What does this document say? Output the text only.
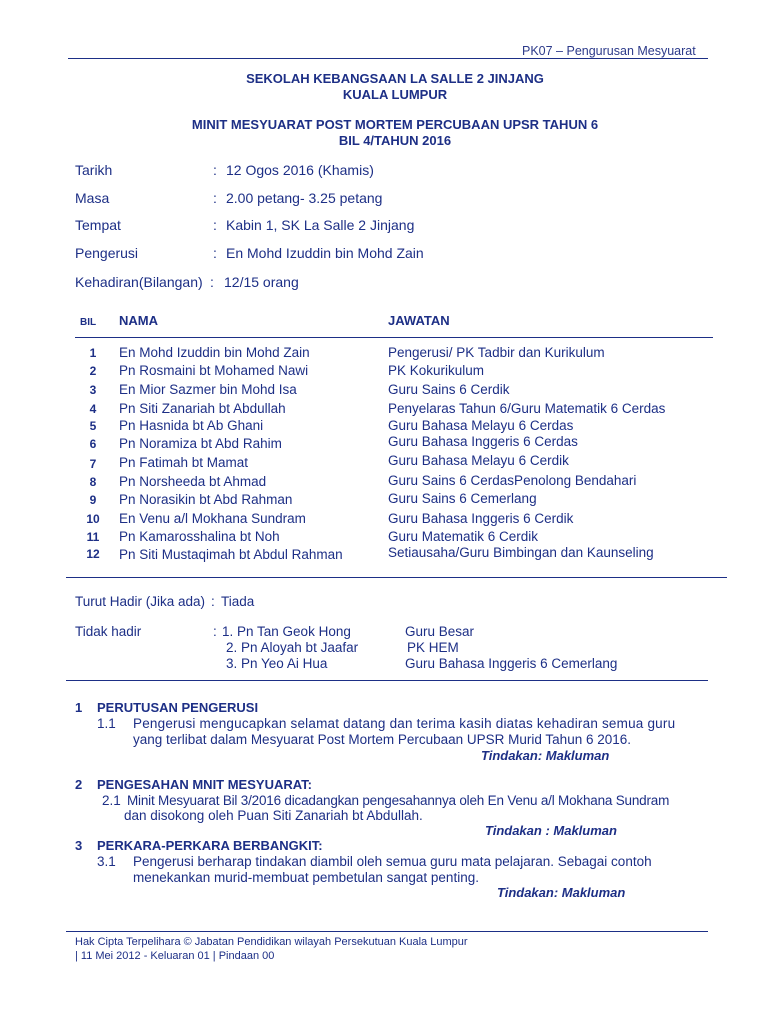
PK07 – Pengurusan Mesyuarat
SEKOLAH KEBANGSAAN LA SALLE 2 JINJANG
KUALA LUMPUR
MINIT MESYUARAT POST MORTEM PERCUBAAN UPSR TAHUN 6
BIL 4/TAHUN 2016
Tarikh	: 12 Ogos 2016 (Khamis)
Masa	: 2.00 petang- 3.25 petang
Tempat	: Kabin 1, SK La Salle 2 Jinjang
Pengerusi	: En Mohd Izuddin bin Mohd Zain
Kehadiran(Bilangan) : 12/15 orang
BIL NAMA	JAWATAN
1	En Mohd Izuddin bin Mohd Zain	Pengerusi/ PK Tadbir dan Kurikulum
2	Pn Rosmaini bt Mohamed Nawi	PK Kokurikulum
3	En Mior Sazmer bin Mohd Isa	Guru Sains 6 Cerdik
4	Pn Siti Zanariah bt Abdullah	Penyelaras Tahun 6/Guru Matematik 6 Cerdas
5	Pn Hasnida bt Ab Ghani	Guru Bahasa Melayu 6 Cerdas
6	Pn Noramiza bt Abd Rahim	Guru Bahasa Inggeris 6 Cerdas
7	Pn Fatimah bt Mamat	Guru Bahasa Melayu 6 Cerdik
8	Pn Norsheeda bt Ahmad	Guru Sains 6 CerdasPenolong Bendahari
9	Pn Norasikin bt Abd Rahman	Guru Sains 6 Cemerlang
10	En Venu a/l Mokhana Sundram	Guru Bahasa Inggeris 6 Cerdik
11	Pn Kamarosshalina bt Noh	Guru Matematik 6 Cerdik
12	Pn Siti Mustaqimah bt Abdul Rahman	Setiausaha/Guru Bimbingan dan Kaunseling
Turut Hadir (Jika ada) : Tiada
Tidak hadir	: 1. Pn Tan Geok Hong	Guru Besar
2. Pn Aloyah bt Jaafar	PK HEM
3. Pn Yeo Ai Hua	Guru Bahasa Inggeris 6 Cemerlang
1 PERUTUSAN PENGERUSI
1.1 Pengerusi mengucapkan selamat datang dan terima kasih diatas kehadiran semua guru
yang terlibat dalam Mesyuarat Post Mortem Percubaan UPSR Murid Tahun 6 2016.
Tindakan: Makluman
2 PENGESAHAN MNIT MESYUARAT:
2.1 Minit Mesyuarat Bil 3/2016 dicadangkan pengesahannya oleh En Venu a/l Mokhana Sundram
dan disokong oleh Puan Siti Zanariah bt Abdullah.
Tindakan : Makluman
3 PERKARA-PERKARA BERBANGKIT:
3.1 Pengerusi berharap tindakan diambil oleh semua guru mata pelajaran. Sebagai contoh
menekankan murid-membuat pembetulan sangat penting.
Tindakan: Makluman
Hak Cipta Terpelihara © Jabatan Pendidikan wilayah Persekutuan Kuala Lumpur
| 11 Mei 2012 - Keluaran 01 | Pindaan 00
